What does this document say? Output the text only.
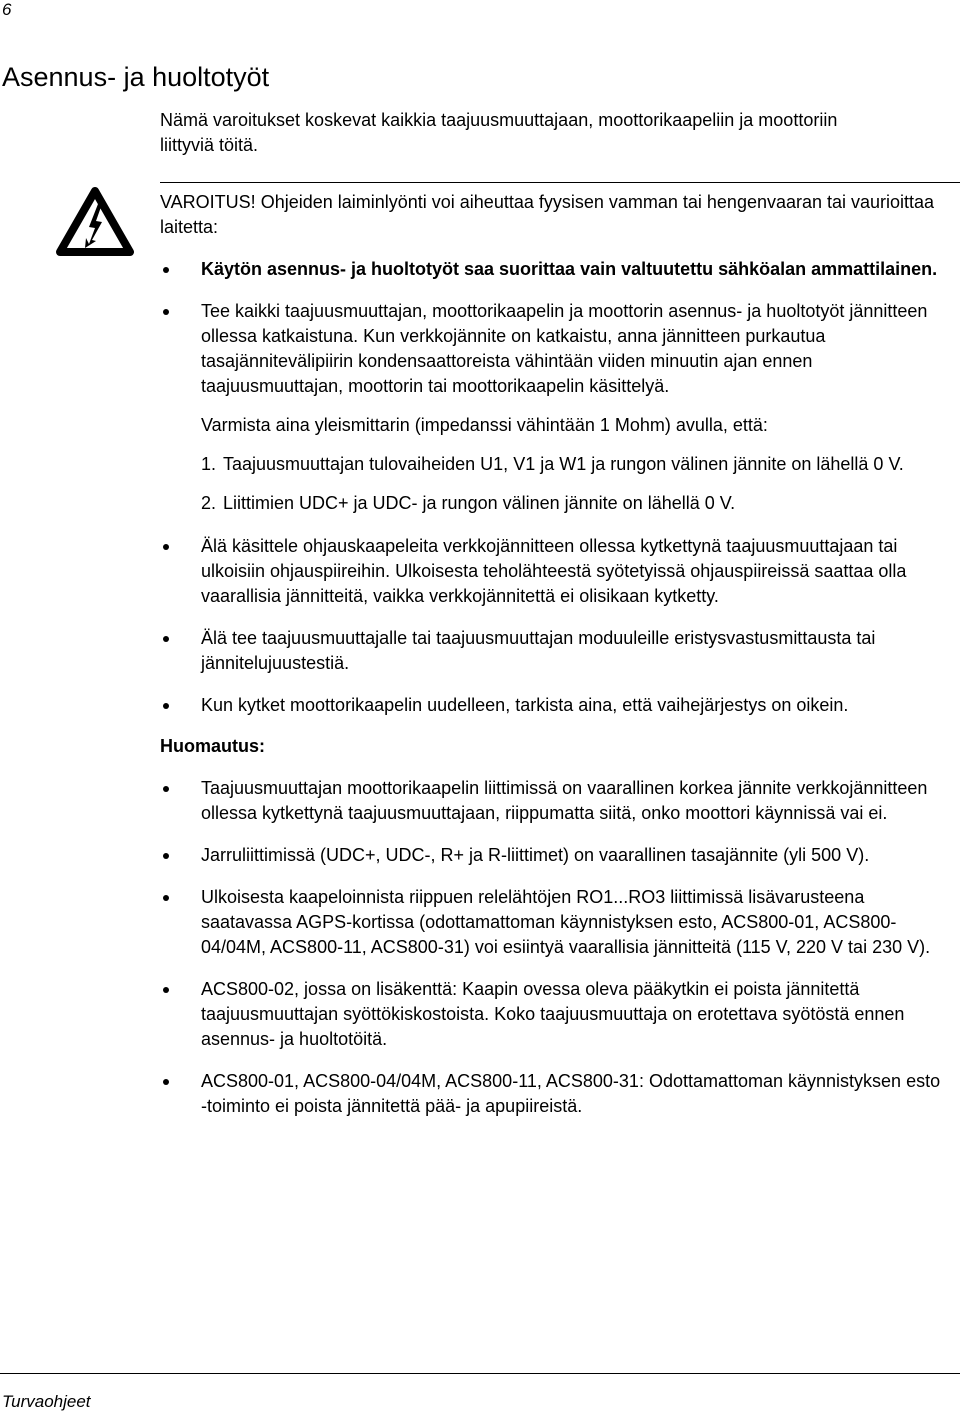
6
Asennus- ja huoltotyöt

Nämä varoitukset koskevat kaikkia taajuusmuuttajaan, moottorikaapeliin ja moottoriin liittyviä töitä.

VAROITUS! Ohjeiden laiminlyönti voi aiheuttaa fyysisen vamman tai hengenvaaran tai vaurioittaa laitetta:

Käytön asennus- ja huoltotyöt saa suorittaa vain valtuutettu sähköalan ammattilainen.

Tee kaikki taajuusmuuttajan, moottorikaapelin ja moottorin asennus- ja huoltotyöt jännitteen ollessa katkaistuna. Kun verkkojännite on katkaistu, anna jännitteen purkautua tasajännitevälipiirin kondensaattoreista vähintään viiden minuutin ajan ennen taajuusmuuttajan, moottorin tai moottorikaapelin käsittelyä.

Varmista aina yleismittarin (impedanssi vähintään 1 Mohm) avulla, että:

1. Taajuusmuuttajan tulovaiheiden U1, V1 ja W1 ja rungon välinen jännite on lähellä 0 V.
2. Liittimien UDC+ ja UDC- ja rungon välinen jännite on lähellä 0 V.
Älä käsittele ohjauskaapeleita verkkojännitteen ollessa kytkettynä taajuusmuuttajaan tai ulkoisiin ohjauspiireihin. Ulkoisesta teholähteestä syötetyissä ohjauspiireissä saattaa olla vaarallisia jännitteitä, vaikka verkkojännitettä ei olisikaan kytketty.
Älä tee taajuusmuuttajalle tai taajuusmuuttajan moduuleille eristysvastusmittausta tai jännitelujuustestiä.
Kun kytket moottorikaapelin uudelleen, tarkista aina, että vaihejärjestys on oikein.

Huomautus:

Taajuusmuuttajan moottorikaapelin liittimissä on vaarallinen korkea jännite verkkojännitteen ollessa kytkettynä taajuusmuuttajaan, riippumatta siitä, onko moottori käynnissä vai ei.
Jarruliittimissä (UDC+, UDC-, R+ ja R-liittimet) on vaarallinen tasajännite (yli 500 V).
Ulkoisesta kaapeloinnista riippuen relelähtöjen RO1...RO3 liittimissä lisävarusteena saatavassa AGPS-kortissa (odottamattoman käynnistyksen esto, ACS800-01, ACS800-04/04M, ACS800-11, ACS800-31) voi esiintyä vaarallisia jännitteitä (115 V, 220 V tai 230 V).
ACS800-02, jossa on lisäkenttä: Kaapin ovessa oleva pääkytkin ei poista jännitettä taajuusmuuttajan syöttökiskostoista. Koko taajuusmuuttaja on erotettava syötöstä ennen asennus- ja huoltotöitä.
ACS800-01, ACS800-04/04M, ACS800-11, ACS800-31: Odottamattoman käynnistyksen esto -toiminto ei poista jännitettä pää- ja apupiireistä.
Turvaohjeet
